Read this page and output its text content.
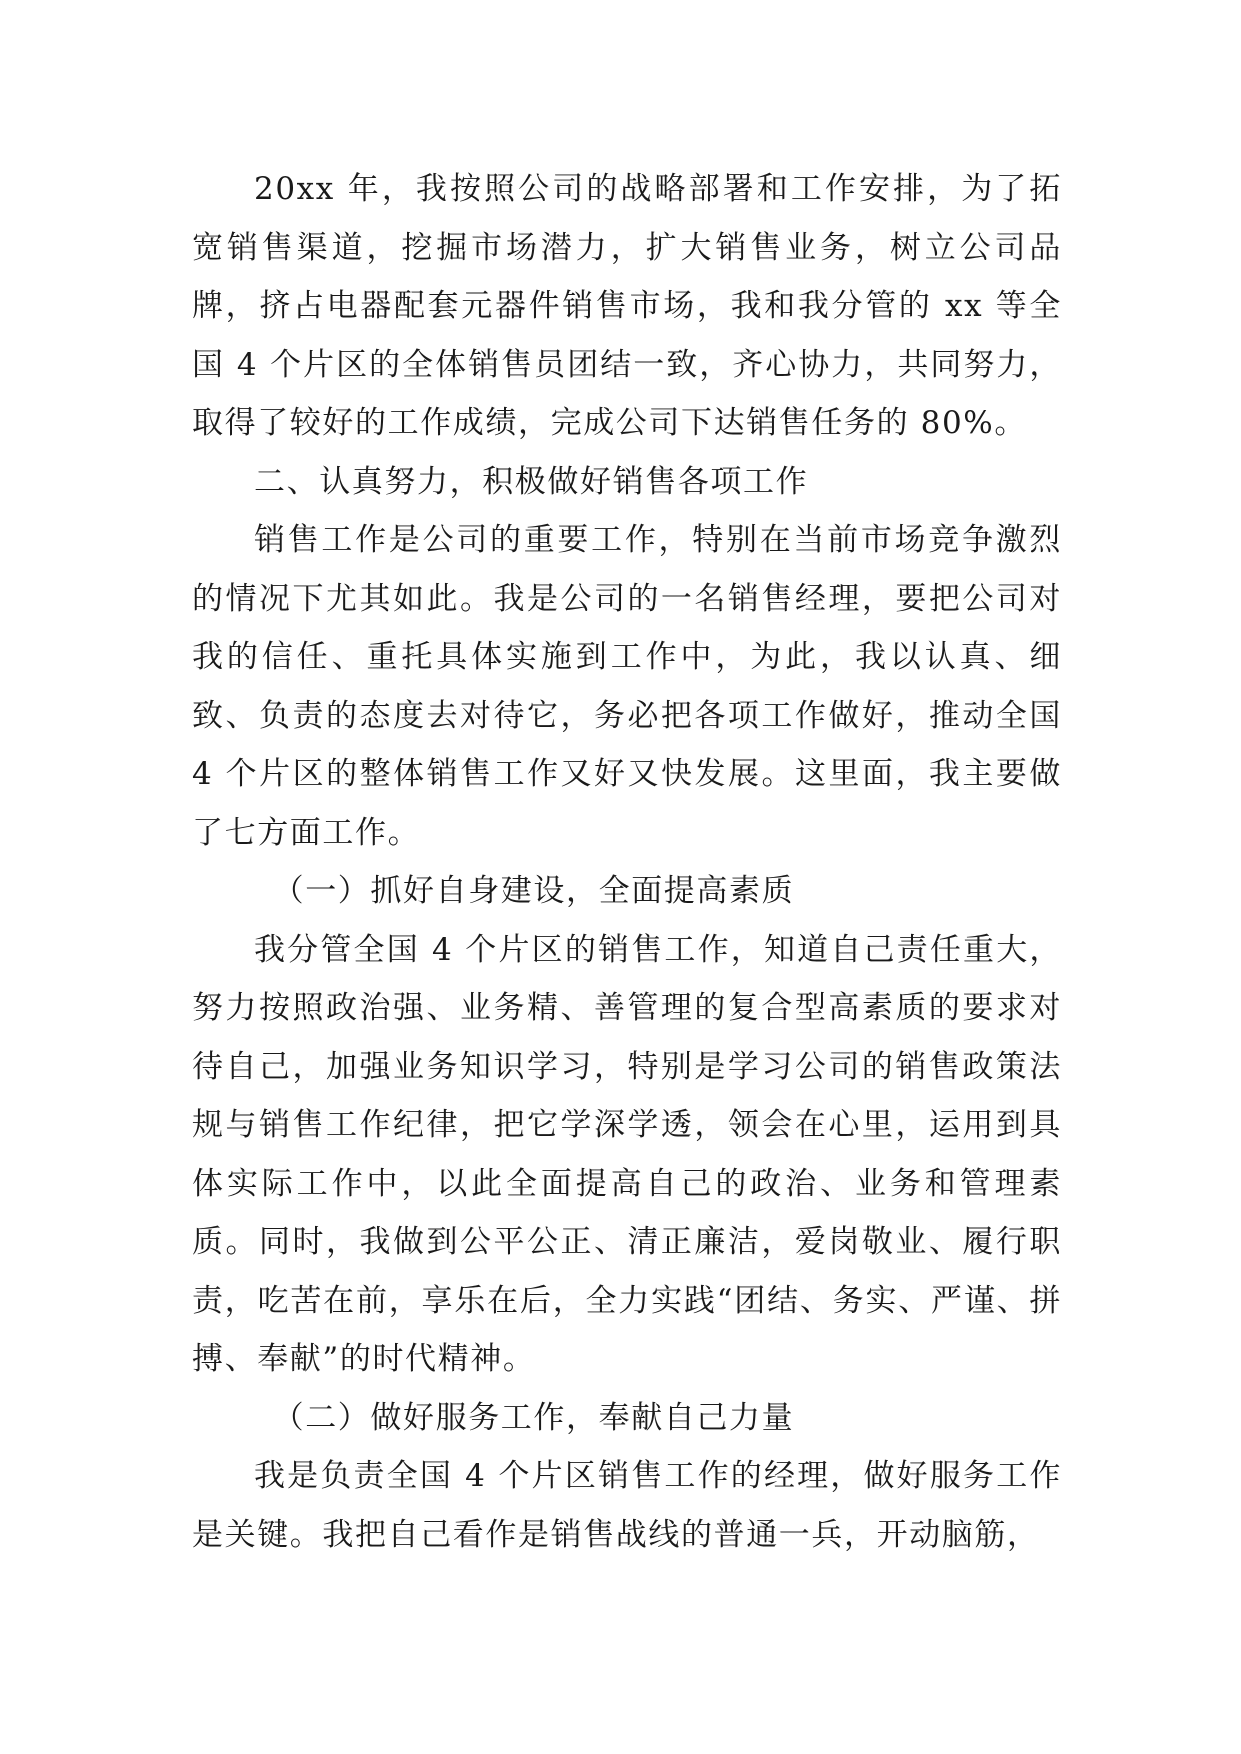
20xx 年，我按照公司的战略部署和工作安排，为了拓宽销售渠道，挖掘市场潜力，扩大销售业务，树立公司品牌，挤占电器配套元器件销售市场，我和我分管的 xx 等全国 4 个片区的全体销售员团结一致，齐心协力，共同努力，取得了较好的工作成绩，完成公司下达销售任务的 80%。

二、认真努力，积极做好销售各项工作

销售工作是公司的重要工作，特别在当前市场竞争激烈的情况下尤其如此。我是公司的一名销售经理，要把公司对我的信任、重托具体实施到工作中，为此，我以认真、细致、负责的态度去对待它，务必把各项工作做好，推动全国 4 个片区的整体销售工作又好又快发展。这里面，我主要做了七方面工作。

（一）抓好自身建设，全面提高素质

我分管全国 4 个片区的销售工作，知道自己责任重大，努力按照政治强、业务精、善管理的复合型高素质的要求对待自己，加强业务知识学习，特别是学习公司的销售政策法规与销售工作纪律，把它学深学透，领会在心里，运用到具体实际工作中，以此全面提高自己的政治、业务和管理素质。同时，我做到公平公正、清正廉洁，爱岗敬业、履行职责，吃苦在前，享乐在后，全力实践“团结、务实、严谨、拼搏、奉献”的时代精神。

（二）做好服务工作，奉献自己力量

我是负责全国 4 个片区销售工作的经理，做好服务工作是关键。我把自己看作是销售战线的普通一兵，开动脑筋，
